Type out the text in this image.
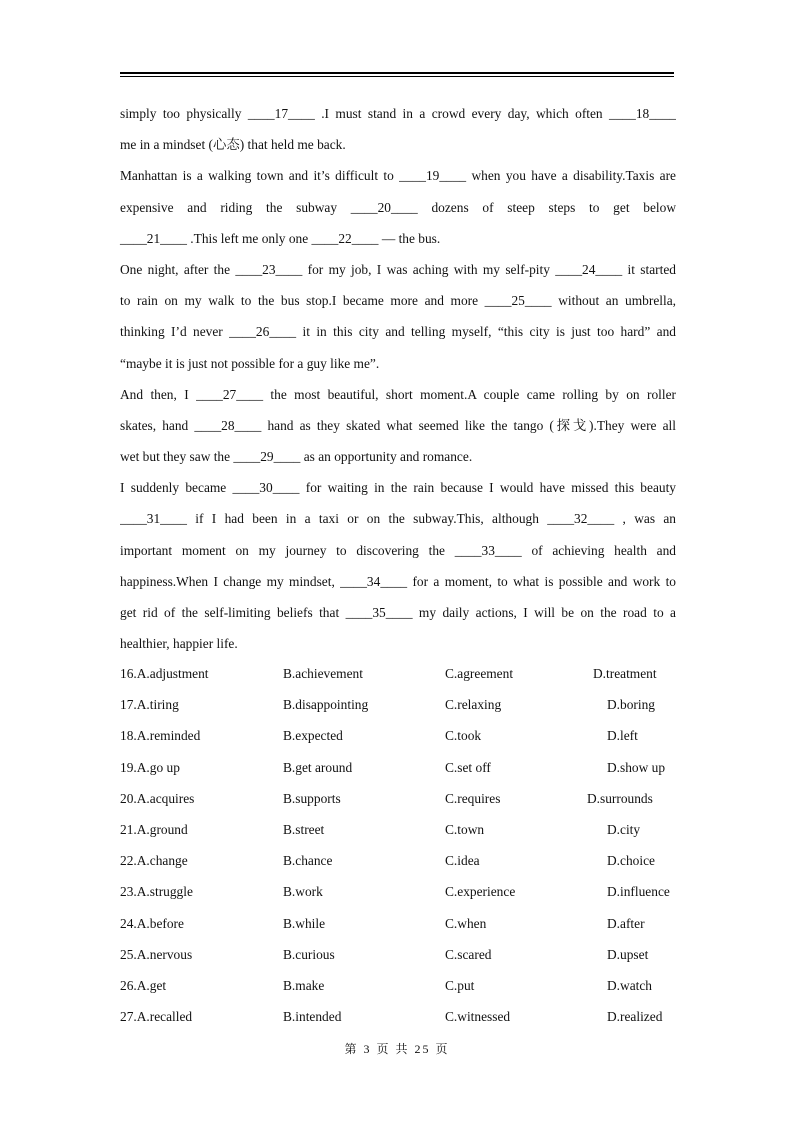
simply too physically ____17____ .I must stand in a crowd every day, which often ____18____
me in a mindset (心态) that held me back.
Manhattan is a walking town and it’s difficult to ____19____ when you have a disability.Taxis are
expensive and riding the subway ____20____ dozens of steep steps to get below
____21____ .This left me only one ____22____ — the bus.
One night, after the ____23____ for my job, I was aching with my self-pity ____24____ it started
to rain on my walk to the bus stop.I became more and more ____25____ without an umbrella,
thinking I’d never ____26____ it in this city and telling myself, “this city is just too hard” and
“maybe it is just not possible for a guy like me”.
And then, I ____27____ the most beautiful, short moment.A couple came rolling by on roller
skates, hand ____28____ hand as they skated what seemed like the tango (探戈).They were all
wet but they saw the ____29____ as an opportunity and romance.
I suddenly became ____30____ for waiting in the rain because I would have missed this beauty
____31____ if I had been in a taxi or on the subway.This, although ____32____ , was an
important moment on my journey to discovering the ____33____ of achieving health and
happiness.When I change my mindset, ____34____ for a moment, to what is possible and work to
get rid of the self-limiting beliefs that ____35____ my daily actions, I will be on the road to a
healthier, happier life.
16.A.adjustment	B.achievement	C.agreement	D.treatment
17.A.tiring	B.disappointing	C.relaxing	D.boring
18.A.reminded	B.expected	C.took	D.left
19.A.go up	B.get around	C.set off	D.show up
20.A.acquires	B.supports	C.requires	D.surrounds
21.A.ground	B.street	C.town	D.city
22.A.change	B.chance	C.idea	D.choice
23.A.struggle	B.work	C.experience	D.influence
24.A.before	B.while	C.when	D.after
25.A.nervous	B.curious	C.scared	D.upset
26.A.get	B.make	C.put	D.watch
27.A.recalled	B.intended	C.witnessed	D.realized
第 3 页 共 25 页
